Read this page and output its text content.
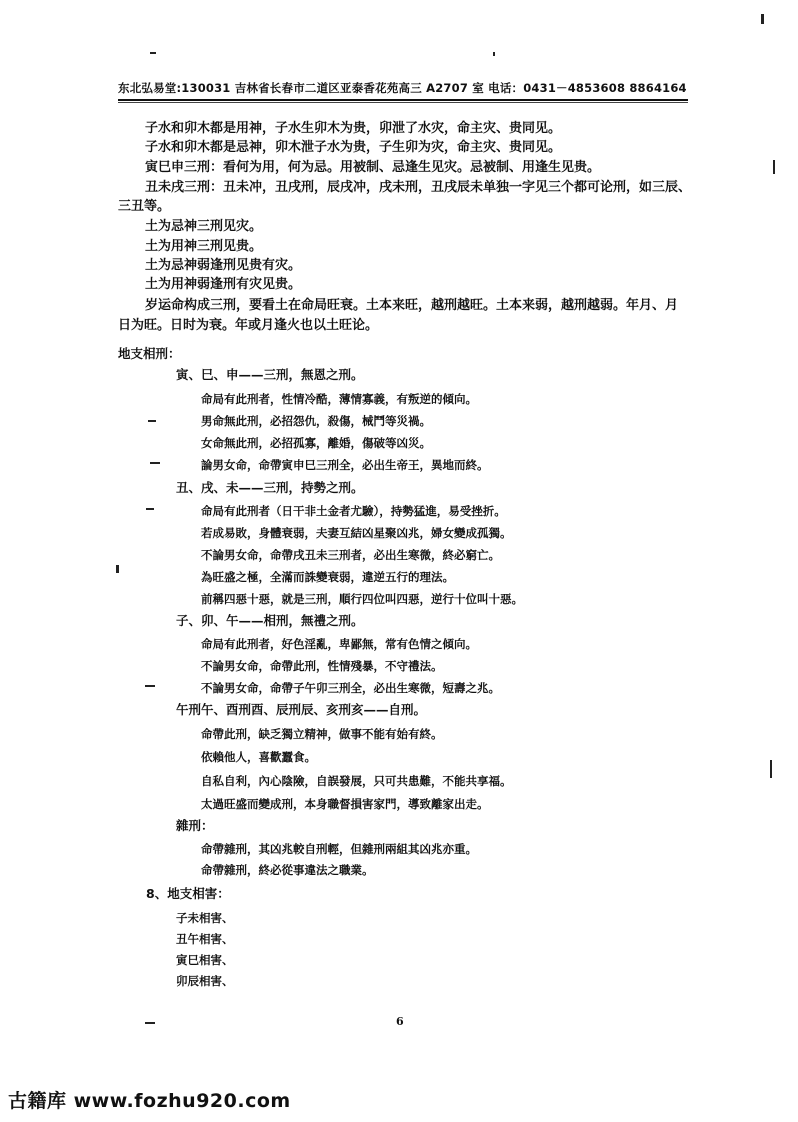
东北弘易堂:130031 吉林省长春市二道区亚泰香花苑高三 A2707 室 电话：0431－4853608 8864164
子水和卯木都是用神，子水生卯木为贵，卯泄了水灾，命主灾、贵同见。
子水和卯木都是忌神，卯木泄子水为贵，子生卯为灾，命主灾、贵同见。
寅巳申三刑：看何为用，何为忌。用被制、忌逢生见灾。忌被制、用逢生见贵。
丑未戌三刑：丑未冲，丑戌刑，辰戌冲，戌未刑，丑戌辰未单独一字见三个都可论刑，如三辰、
三丑等。
土为忌神三刑见灾。
土为用神三刑见贵。
土为忌神弱逢刑见贵有灾。
土为用神弱逢刑有灾见贵。
岁运命构成三刑，要看土在命局旺衰。土本来旺，越刑越旺。土本来弱，越刑越弱。年月、月
日为旺。日时为衰。年或月逢火也以土旺论。
地支相刑：
寅、巳、申——三刑，無恩之刑。
命局有此刑者，性情冷酷，薄情寡義，有叛逆的傾向。
男命無此刑，必招怨仇，殺傷，械鬥等災禍。
女命無此刑，必招孤寡，離婚，傷破等凶災。
論男女命，命帶寅申巳三刑全，必出生帝王，異地而終。
丑、戌、未——三刑，持勢之刑。
命局有此刑者（日干非土金者尤驗），持勢猛進，易受挫折。
若成易敗，身體衰弱，夫妻互結凶星聚凶兆，婦女變成孤獨。
不論男女命，命帶戌丑未三刑者，必出生寒微，終必窮亡。
為旺盛之極，全滿而誅變衰弱，違逆五行的理法。
前稱四惡十惡，就是三刑，順行四位叫四惡，逆行十位叫十惡。
子、卯、午——相刑，無禮之刑。
命局有此刑者，好色淫亂，卑鄙無，常有色情之傾向。
不論男女命，命帶此刑，性情殘暴，不守禮法。
不論男女命，命帶子午卯三刑全，必出生寒微，短壽之兆。
午刑午、酉刑酉、辰刑辰、亥刑亥——自刑。
命帶此刑，缺乏獨立精神，做事不能有始有終。
依賴他人，喜歡蠶食。
自私自利，內心陰險，自誤發展，只可共患難，不能共享福。
太過旺盛而變成刑，本身職督損害家門，導致離家出走。
雜刑：
命帶雜刑，其凶兆較自刑輕，但雜刑兩組其凶兆亦重。
命帶雜刑，終必從事違法之職業。
8、地支相害：
子未相害、
丑午相害、
寅巳相害、
卯辰相害、
6
古籍库 www.fozhu920.com
